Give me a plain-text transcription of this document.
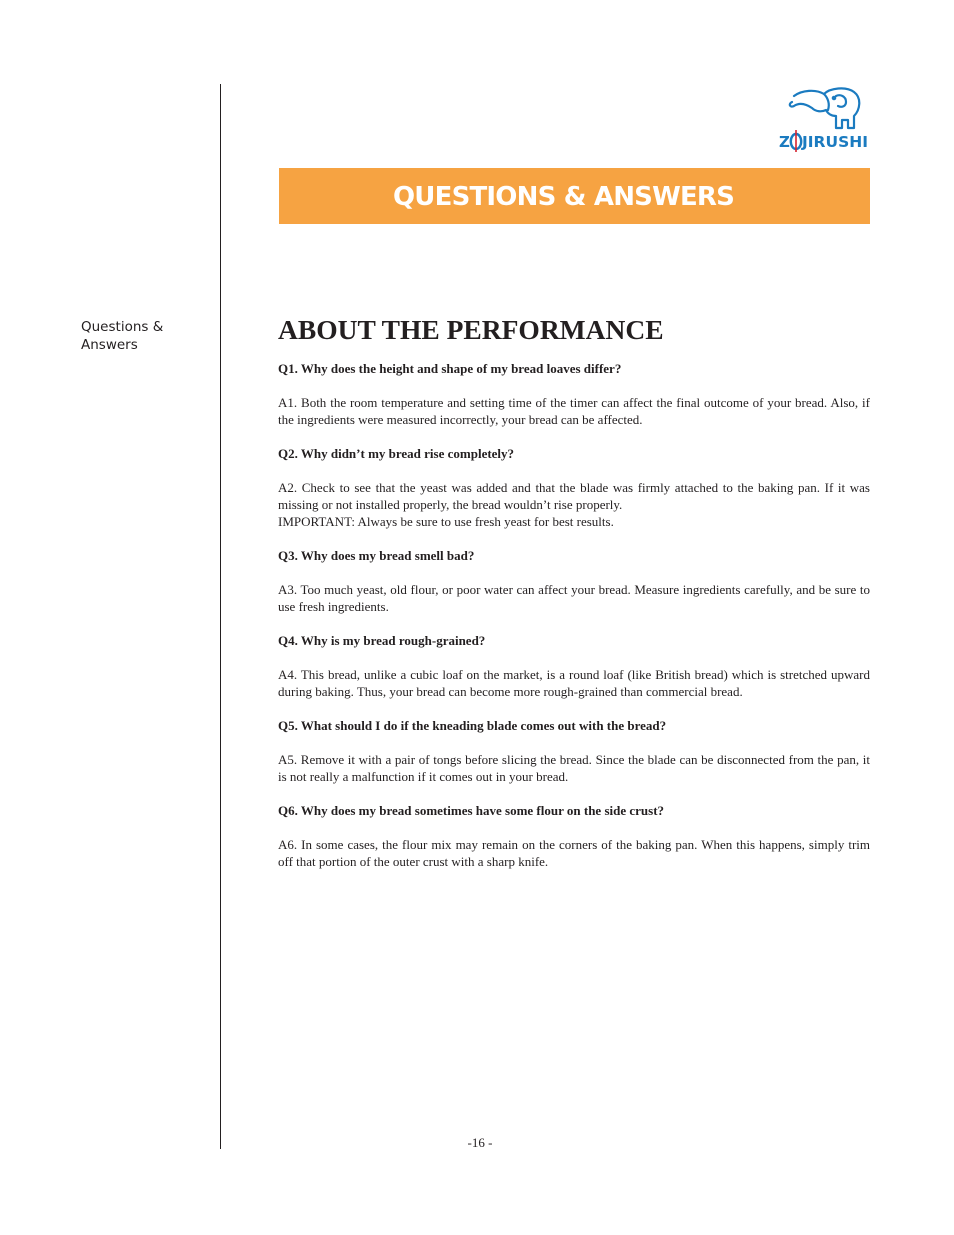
Z JIRUSHI
QUESTIONS & ANSWERS
Questions &
Answers	ABOUT THE PERFORMANCE

Q1. Why does the height and shape of my bread loaves differ?

A1. Both the room temperature and setting time of the timer can affect the final outcome of your bread. Also, if the ingredients were measured incorrectly, your bread can be affected.

Q2. Why didn’t my bread rise completely?

A2. Check to see that the yeast was added and that the blade was firmly attached to the baking pan. If it was missing or not installed properly, the bread wouldn’t rise properly.
IMPORTANT: Always be sure to use fresh yeast for best results.

Q3. Why does my bread smell bad?

A3. Too much yeast, old flour, or poor water can affect your bread. Measure ingredients carefully, and be sure to use fresh ingredients.

Q4. Why is my bread rough-grained?

A4. This bread, unlike a cubic loaf on the market, is a round loaf (like British bread) which is stretched upward during baking. Thus, your bread can become more rough-grained than commercial bread.

Q5. What should I do if the kneading blade comes out with the bread?

A5. Remove it with a pair of tongs before slicing the bread. Since the blade can be disconnected from the pan, it is not really a malfunction if it comes out in your bread.

Q6. Why does my bread sometimes have some flour on the side crust?

A6. In some cases, the flour mix may remain on the corners of the baking pan. When this happens, simply trim off that portion of the outer crust with a sharp knife.

-16 -
